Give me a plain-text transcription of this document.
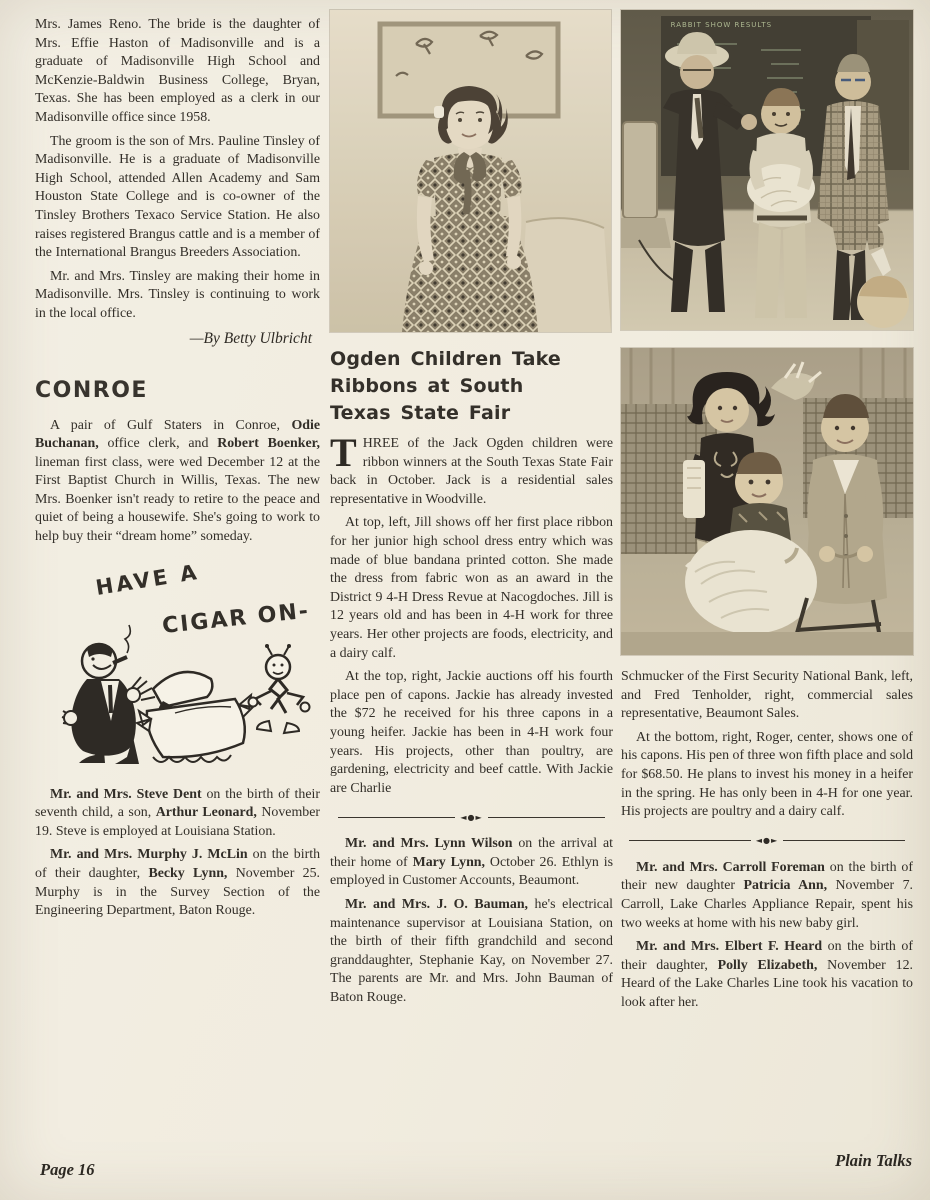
Mrs. James Reno. The bride is the daughter of Mrs. Effie Haston of Madisonville and is a graduate of Madisonville High School and McKenzie-Baldwin Business College, Bryan, Texas. She has been employed as a clerk in our Madisonville office since 1958.

The groom is the son of Mrs. Pauline Tinsley of Madisonville. He is a graduate of Madisonville High School, attended Allen Academy and Sam Houston State College and is co-owner of the Tinsley Brothers Texaco Service Station. He also raises registered Brangus cattle and is a member of the International Brangus Breeders Association.

Mr. and Mrs. Tinsley are making their home in Madisonville. Mrs. Tinsley is continuing to work in the local office.

—By Betty Ulbricht
CONROE

A pair of Gulf Staters in Conroe, Odie Buchanan, office clerk, and Robert Boenker, lineman first class, were wed December 12 at the First Baptist Church in Willis, Texas. The new Mrs. Boenker isn't ready to retire to the peace and quiet of being a housewife. She's going to work to help buy their “dream home” someday.

HAVE A
CIGAR ON-

Mr. and Mrs. Steve Dent on the birth of their seventh child, a son, Arthur Leonard, November 19. Steve is employed at Louisiana Station.

Mr. and Mrs. Murphy J. McLin on the birth of their daughter, Becky Lynn, November 25. Murphy is in the Survey Section of the Engineering Department, Baton Rouge.

Ogden Children Take
Ribbons at South
Texas State Fair

THREE of the Jack Ogden children were ribbon winners at the South Texas State Fair back in October. Jack is a residential sales representative in Woodville.

At top, left, Jill shows off her first place ribbon for her junior high school dress entry which was made of blue bandana printed cotton. She made the dress from fabric won as an award in the District 9 4-H Dress Revue at Nacogdoches. Jill is 12 years old and has been in 4-H work for three years. Her other projects are foods, electricity, and a dairy calf.

At the top, right, Jackie auctions off his fourth place pen of capons. Jackie has already invested the $72 he received for his three capons in a young heifer. Jackie has been in 4-H work four years. His projects, other than poultry, are gardening, electricity and beef cattle. With Jackie are Charlie

◄●►

Mr. and Mrs. Lynn Wilson on the arrival at their home of Mary Lynn, October 26. Ethlyn is employed in Customer Accounts, Beaumont.

Mr. and Mrs. J. O. Bauman, he's electrical maintenance supervisor at Louisiana Station, on the birth of their fifth grandchild and second granddaughter, Stephanie Kay, on November 27. The parents are Mr. and Mrs. John Bauman of Baton Rouge.

RABBIT SHOW RESULTS

Schmucker of the First Security National Bank, left, and Fred Tenholder, right, commercial sales representative, Beaumont Sales.

At the bottom, right, Roger, center, shows one of his capons. His pen of three won fifth place and sold for $68.50. He plans to invest his money in a heifer in the spring. He has only been in 4-H for one year. His projects are poultry and a dairy calf.

◄●►

Mr. and Mrs. Carroll Foreman on the birth of their new daughter Patricia Ann, November 7. Carroll, Lake Charles Appliance Repair, spent his two weeks at home with his new baby girl.

Mr. and Mrs. Elbert F. Heard on the birth of their daughter, Polly Elizabeth, November 12. Heard of the Lake Charles Line took his vacation to look after her.

Page 16	Plain Talks
